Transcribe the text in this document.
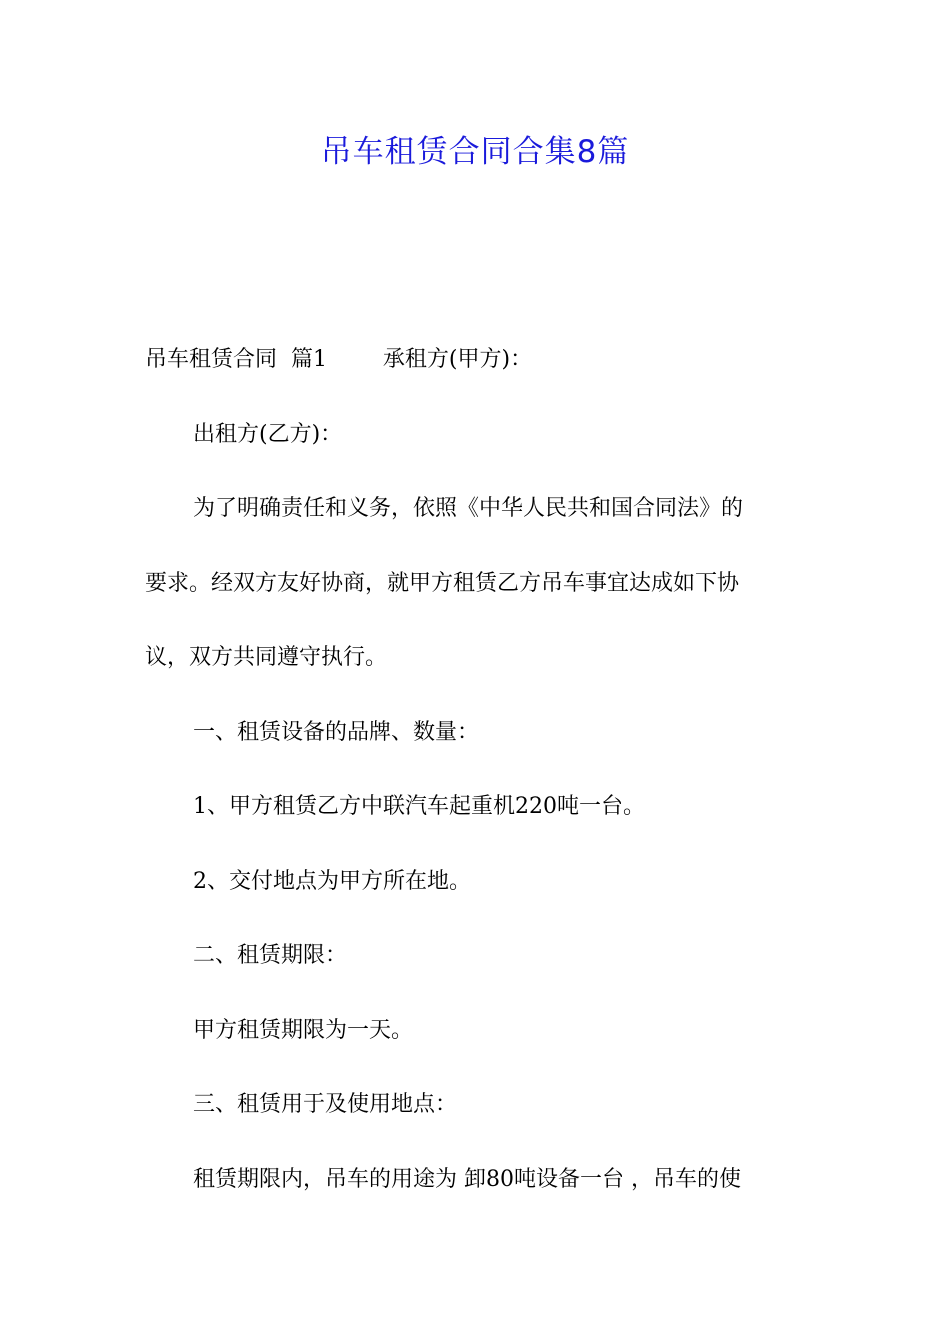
吊车租赁合同合集8篇

吊车租赁合同  篇1        承租方(甲方)：

出租方(乙方)：

为了明确责任和义务，依照《中华人民共和国合同法》的

要求。经双方友好协商，就甲方租赁乙方吊车事宜达成如下协

议，双方共同遵守执行。

一、租赁设备的品牌、数量：

1、甲方租赁乙方中联汽车起重机220吨一台。

2、交付地点为甲方所在地。

二、租赁期限：

甲方租赁期限为一天。

三、租赁用于及使用地点：

租赁期限内，吊车的用途为 卸80吨设备一台 ，吊车的使
